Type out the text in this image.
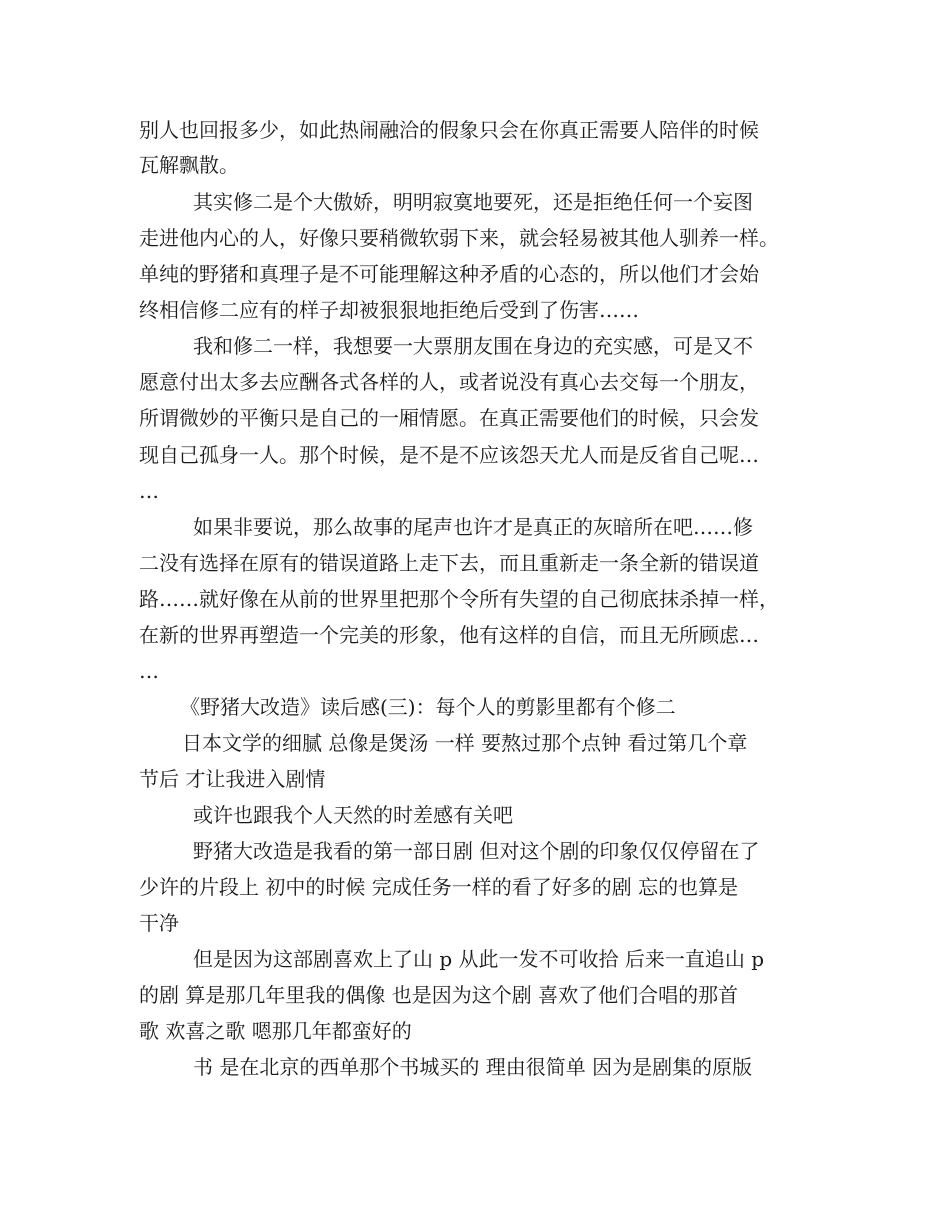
别人也回报多少，如此热闹融洽的假象只会在你真正需要人陪伴的时候
瓦解飘散。
其实修二是个大傲娇，明明寂寞地要死，还是拒绝任何一个妄图
走进他内心的人，好像只要稍微软弱下来，就会轻易被其他人驯养一样。
单纯的野猪和真理子是不可能理解这种矛盾的心态的，所以他们才会始
终相信修二应有的样子却被狠狠地拒绝后受到了伤害……
我和修二一样，我想要一大票朋友围在身边的充实感，可是又不
愿意付出太多去应酬各式各样的人，或者说没有真心去交每一个朋友，
所谓微妙的平衡只是自己的一厢情愿。在真正需要他们的时候，只会发
现自己孤身一人。那个时候，是不是不应该怨天尤人而是反省自己呢…
…
如果非要说，那么故事的尾声也许才是真正的灰暗所在吧……修
二没有选择在原有的错误道路上走下去，而且重新走一条全新的错误道
路……就好像在从前的世界里把那个令所有失望的自己彻底抹杀掉一样，
在新的世界再塑造一个完美的形象，他有这样的自信，而且无所顾虑…
…
《野猪大改造》读后感(三)：每个人的剪影里都有个修二
日本文学的细腻 总像是煲汤 一样 要熬过那个点钟 看过第几个章
节后 才让我进入剧情
或许也跟我个人天然的时差感有关吧
野猪大改造是我看的第一部日剧 但对这个剧的印象仅仅停留在了
少许的片段上 初中的时候 完成任务一样的看了好多的剧 忘的也算是
干净
但是因为这部剧喜欢上了山 p 从此一发不可收拾 后来一直追山 p
的剧 算是那几年里我的偶像 也是因为这个剧 喜欢了他们合唱的那首
歌 欢喜之歌 嗯那几年都蛮好的
书 是在北京的西单那个书城买的 理由很简单 因为是剧集的原版
